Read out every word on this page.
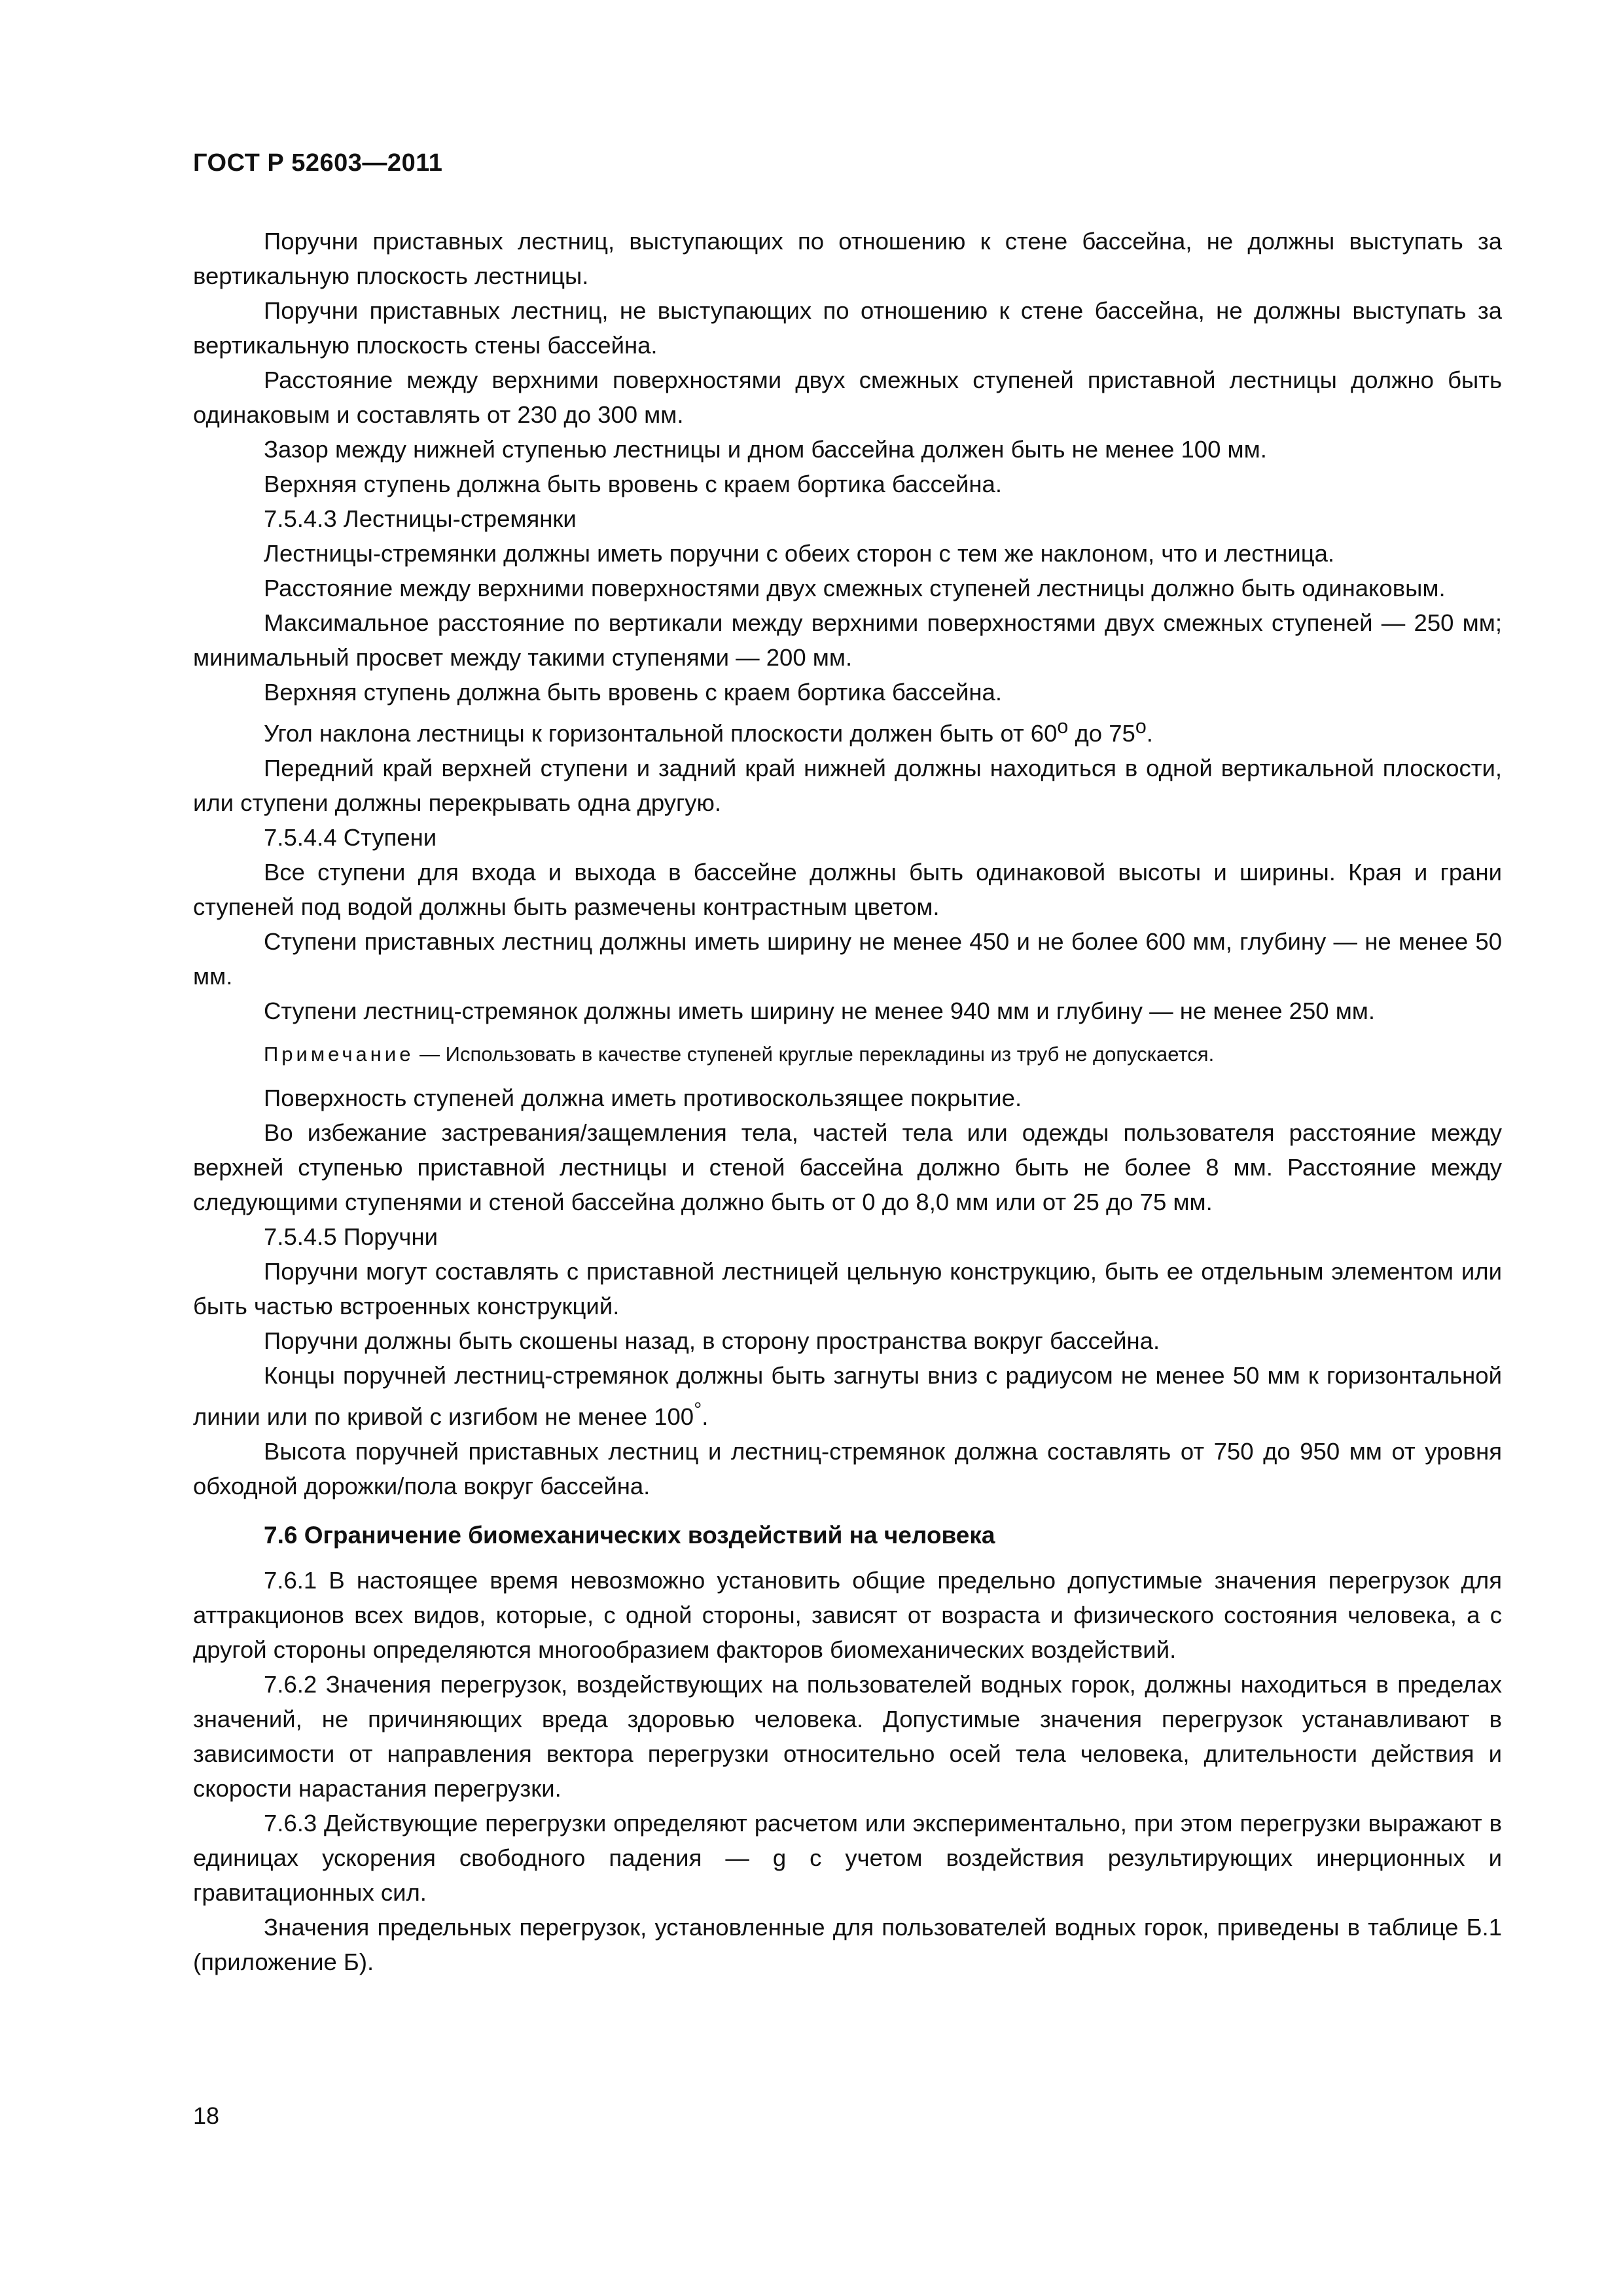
ГОСТ Р 52603—2011

Поручни приставных лестниц, выступающих по отношению к стене бассейна, не должны выступать за вертикальную плоскость лестницы.

Поручни приставных лестниц, не выступающих по отношению к стене бассейна, не должны выступать за вертикальную плоскость стены бассейна.

Расстояние между верхними поверхностями двух смежных ступеней приставной лестницы должно быть одинаковым и составлять от 230 до 300 мм.

Зазор между нижней ступенью лестницы и дном бассейна должен быть не менее 100 мм.

Верхняя ступень должна быть вровень с краем бортика бассейна.

7.5.4.3 Лестницы-стремянки

Лестницы-стремянки должны иметь поручни с обеих сторон с тем же наклоном, что и лестница.

Расстояние между верхними поверхностями двух смежных ступеней лестницы должно быть одинаковым.

Максимальное расстояние по вертикали между верхними поверхностями двух смежных ступеней — 250 мм; минимальный просвет между такими ступенями — 200 мм.

Верхняя ступень должна быть вровень с краем бортика бассейна.

Угол наклона лестницы к горизонтальной плоскости должен быть от 60$^o$ до 75$^o$.

Передний край верхней ступени и задний край нижней должны находиться в одной вертикальной плоскости, или ступени должны перекрывать одна другую.

7.5.4.4 Ступени

Все ступени для входа и выхода в бассейне должны быть одинаковой высоты и ширины. Края и грани ступеней под водой должны быть размечены контрастным цветом.

Ступени приставных лестниц должны иметь ширину не менее 450 и не более 600 мм, глубину — не менее 50 мм.

Ступени лестниц-стремянок должны иметь ширину не менее 940 мм и глубину — не менее 250 мм.

Примечание — Использовать в качестве ступеней круглые перекладины из труб не допускается.

Поверхность ступеней должна иметь противоскользящее покрытие.

Во избежание застревания/защемления тела, частей тела или одежды пользователя расстояние между верхней ступенью приставной лестницы и стеной бассейна должно быть не более 8 мм. Расстояние между следующими ступенями и стеной бассейна должно быть от 0 до 8,0 мм или от 25 до 75 мм.

7.5.4.5 Поручни

Поручни могут составлять с приставной лестницей цельную конструкцию, быть ее отдельным элементом или быть частью встроенных конструкций.

Поручни должны быть скошены назад, в сторону пространства вокруг бассейна.

Концы поручней лестниц-стремянок должны быть загнуты вниз с радиусом не менее 50 мм к горизонтальной линии или по кривой с изгибом не менее 100°.

Высота поручней приставных лестниц и лестниц-стремянок должна составлять от 750 до 950 мм от уровня обходной дорожки/пола вокруг бассейна.

7.6 Ограничение биомеханических воздействий на человека

7.6.1 В настоящее время невозможно установить общие предельно допустимые значения перегрузок для аттракционов всех видов, которые, с одной стороны, зависят от возраста и физического состояния человека, а с другой стороны определяются многообразием факторов биомеханических воздействий.

7.6.2 Значения перегрузок, воздействующих на пользователей водных горок, должны находиться в пределах значений, не причиняющих вреда здоровью человека. Допустимые значения перегрузок устанавливают в зависимости от направления вектора перегрузки относительно осей тела человека, длительности действия и скорости нарастания перегрузки.

7.6.3 Действующие перегрузки определяют расчетом или экспериментально, при этом перегрузки выражают в единицах ускорения свободного падения — g с учетом воздействия результирующих инерционных и гравитационных сил.

Значения предельных перегрузок, установленные для пользователей водных горок, приведены в таблице Б.1 (приложение Б).

18
